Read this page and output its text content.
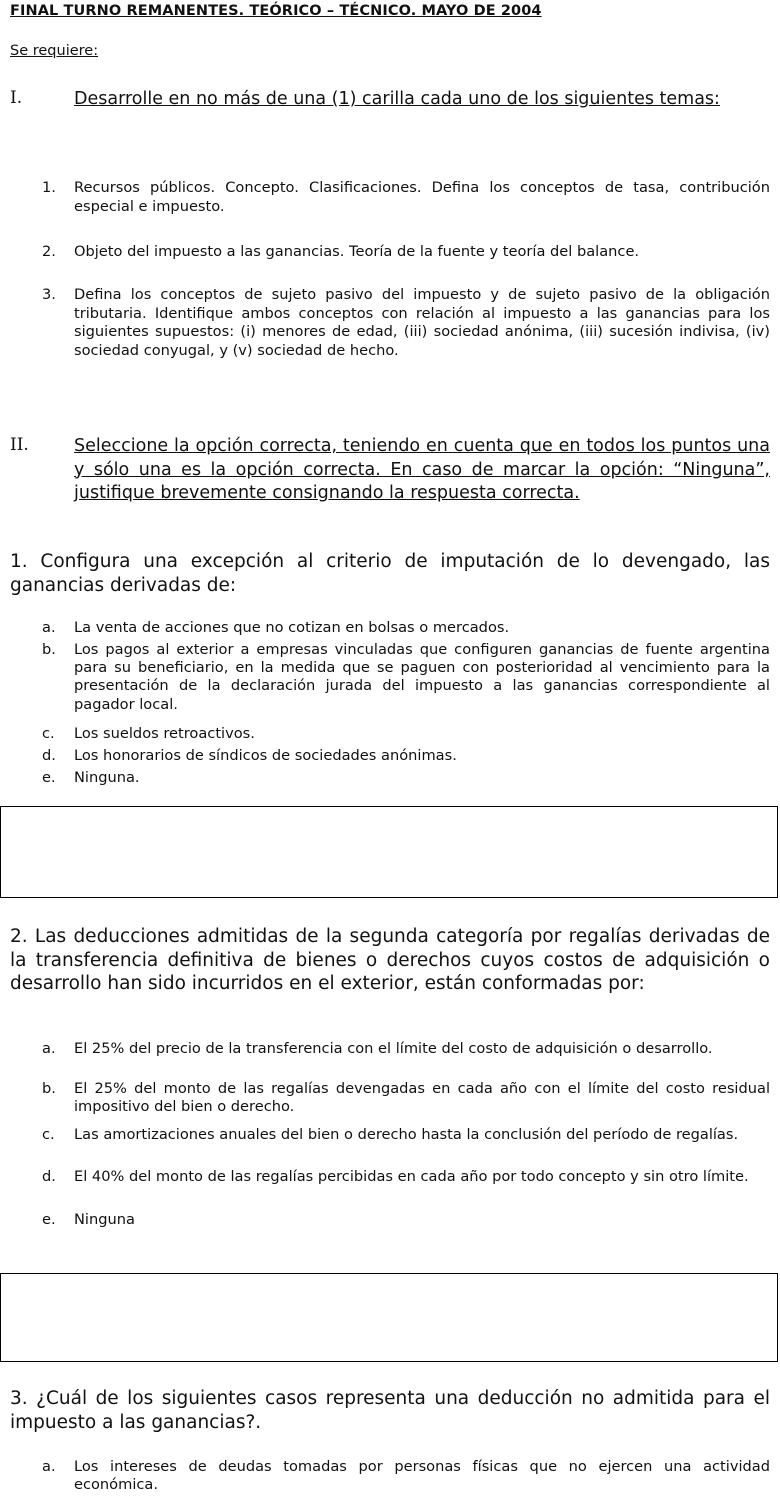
FINAL TURNO REMANENTES. TEÓRICO – TÉCNICO. MAYO DE 2004
Se requiere:
I.	Desarrolle en no más de una (1) carilla cada uno de los siguientes temas:
1.	Recursos públicos. Concepto. Clasificaciones. Defina los conceptos de tasa, contribución especial e impuesto.
2.	Objeto del impuesto a las ganancias. Teoría de la fuente y teoría del balance.
3.	Defina los conceptos de sujeto pasivo del impuesto y de sujeto pasivo de la obligación tributaria. Identifique ambos conceptos con relación al impuesto a las ganancias para los siguientes supuestos: (i) menores de edad, (iii) sociedad anónima, (iii) sucesión indivisa, (iv) sociedad conyugal, y (v) sociedad de hecho.
II.	Seleccione la opción correcta, teniendo en cuenta que en todos los puntos una y sólo una es la opción correcta. En caso de marcar la opción: “Ninguna”, justifique brevemente consignando la respuesta correcta.
1. Configura una excepción al criterio de imputación de lo devengado, las ganancias derivadas de:
a.	La venta de acciones que no cotizan en bolsas o mercados.
b.	Los pagos al exterior a empresas vinculadas que configuren ganancias de fuente argentina para su beneficiario, en la medida que se paguen con posterioridad al vencimiento para la presentación de la declaración jurada del impuesto a las ganancias correspondiente al pagador local.
c.	Los sueldos retroactivos.
d.	Los honorarios de síndicos de sociedades anónimas.
e.	Ninguna.
2. Las deducciones admitidas de la segunda categoría por regalías derivadas de la transferencia definitiva de bienes o derechos cuyos costos de adquisición o desarrollo han sido incurridos en el exterior, están conformadas por:
a.	El 25% del precio de la transferencia con el límite del costo de adquisición o desarrollo.
b.	El 25% del monto de las regalías devengadas en cada año con el límite del costo residual impositivo del bien o derecho.
c.	Las amortizaciones anuales del bien o derecho hasta la conclusión del período de regalías.
d.	El 40% del monto de las regalías percibidas en cada año por todo concepto y sin otro límite.
e.	Ninguna
3. ¿Cuál de los siguientes casos representa una deducción no admitida para el impuesto a las ganancias?.
a.	Los intereses de deudas tomadas por personas físicas que no ejercen una actividad económica.
